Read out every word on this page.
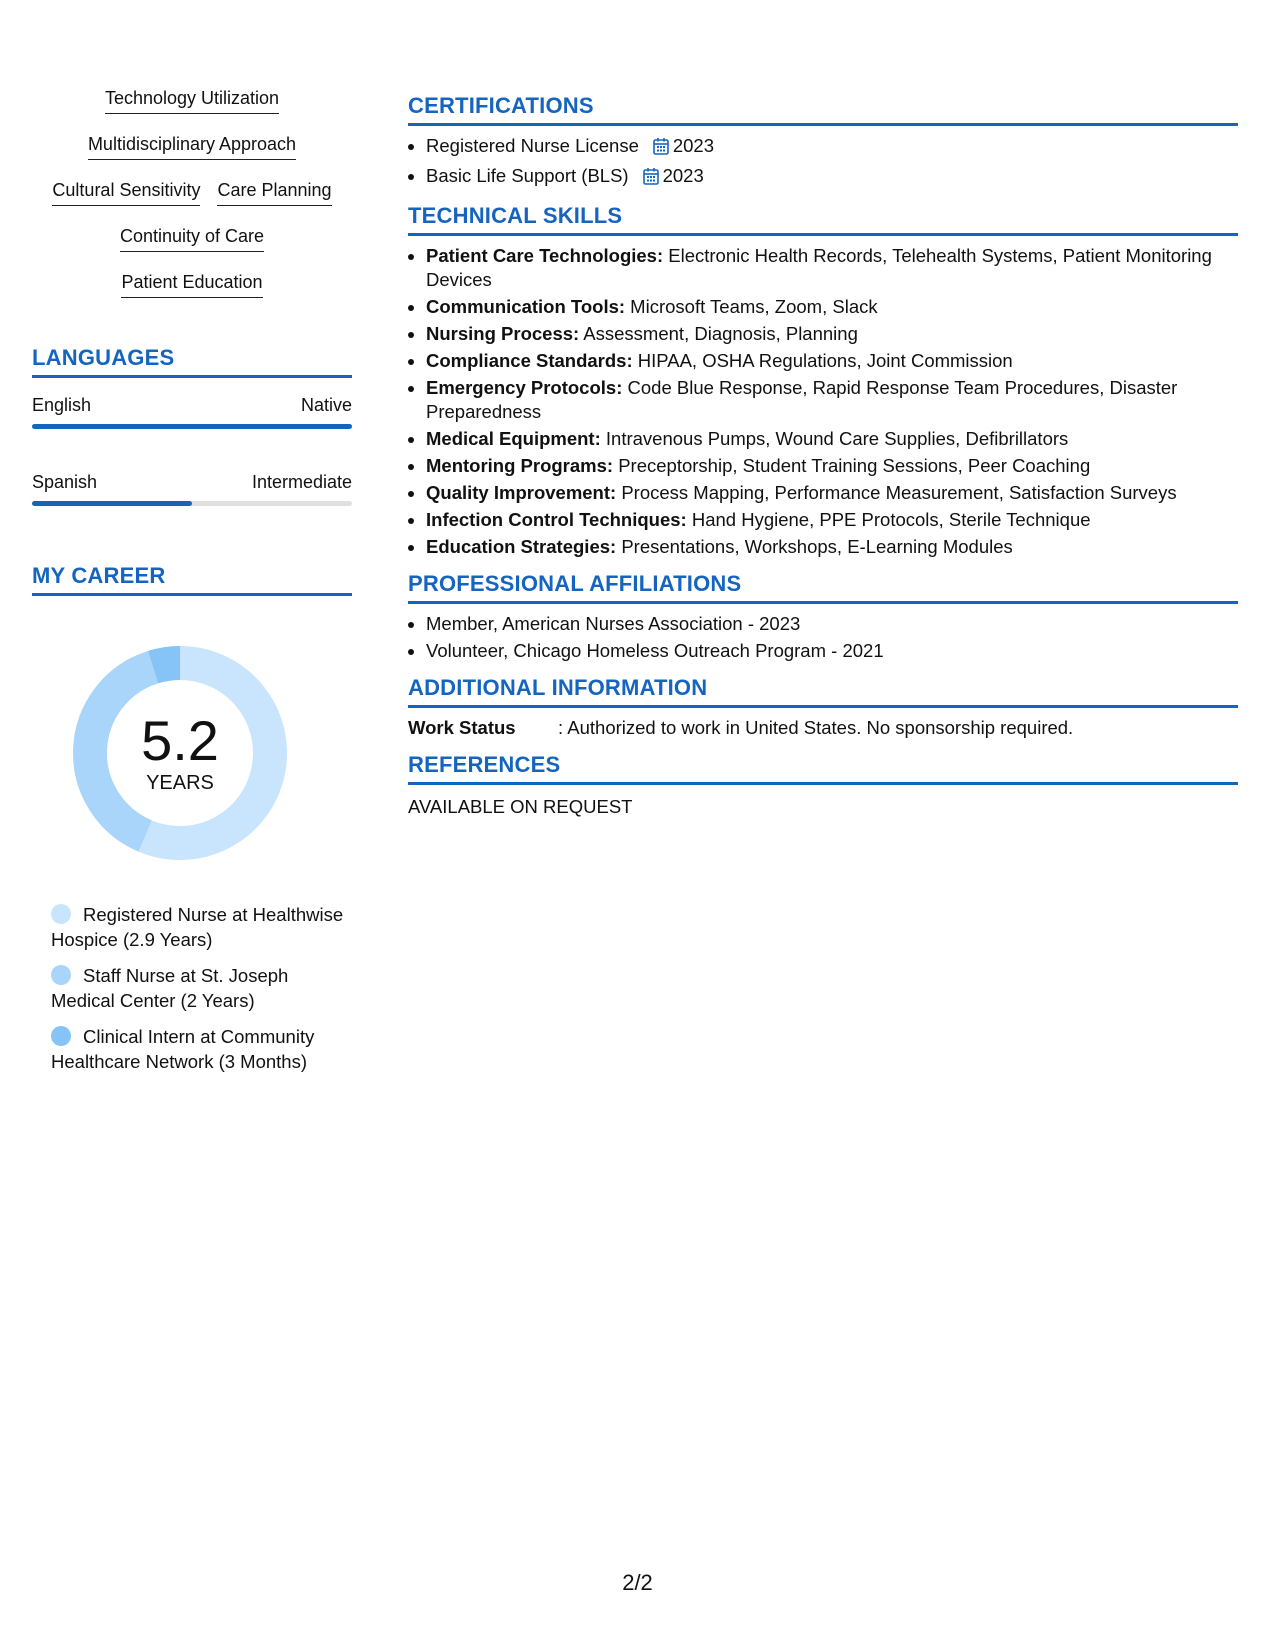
Technology Utilization
Multidisciplinary Approach
Cultural Sensitivity Care Planning
Continuity of Care
Patient Education
LANGUAGES
English	Native
Spanish	Intermediate
MY CAREER
5.2
YEARS
Registered Nurse at Healthwise Hospice (2.9 Years)
Staff Nurse at St. Joseph Medical Center (2 Years)
Clinical Intern at Community Healthcare Network (3 Months)
CERTIFICATIONS
• Registered Nurse License 2023
• Basic Life Support (BLS) 2023
TECHNICAL SKILLS
• Patient Care Technologies: Electronic Health Records, Telehealth Systems, Patient Monitoring Devices
• Communication Tools: Microsoft Teams, Zoom, Slack
• Nursing Process: Assessment, Diagnosis, Planning
• Compliance Standards: HIPAA, OSHA Regulations, Joint Commission
• Emergency Protocols: Code Blue Response, Rapid Response Team Procedures, Disaster Preparedness
• Medical Equipment: Intravenous Pumps, Wound Care Supplies, Defibrillators
• Mentoring Programs: Preceptorship, Student Training Sessions, Peer Coaching
• Quality Improvement: Process Mapping, Performance Measurement, Satisfaction Surveys
• Infection Control Techniques: Hand Hygiene, PPE Protocols, Sterile Technique
• Education Strategies: Presentations, Workshops, E-Learning Modules
PROFESSIONAL AFFILIATIONS
• Member, American Nurses Association - 2023
• Volunteer, Chicago Homeless Outreach Program - 2021
ADDITIONAL INFORMATION
Work Status	: Authorized to work in United States. No sponsorship required.
REFERENCES
AVAILABLE ON REQUEST
2/2
